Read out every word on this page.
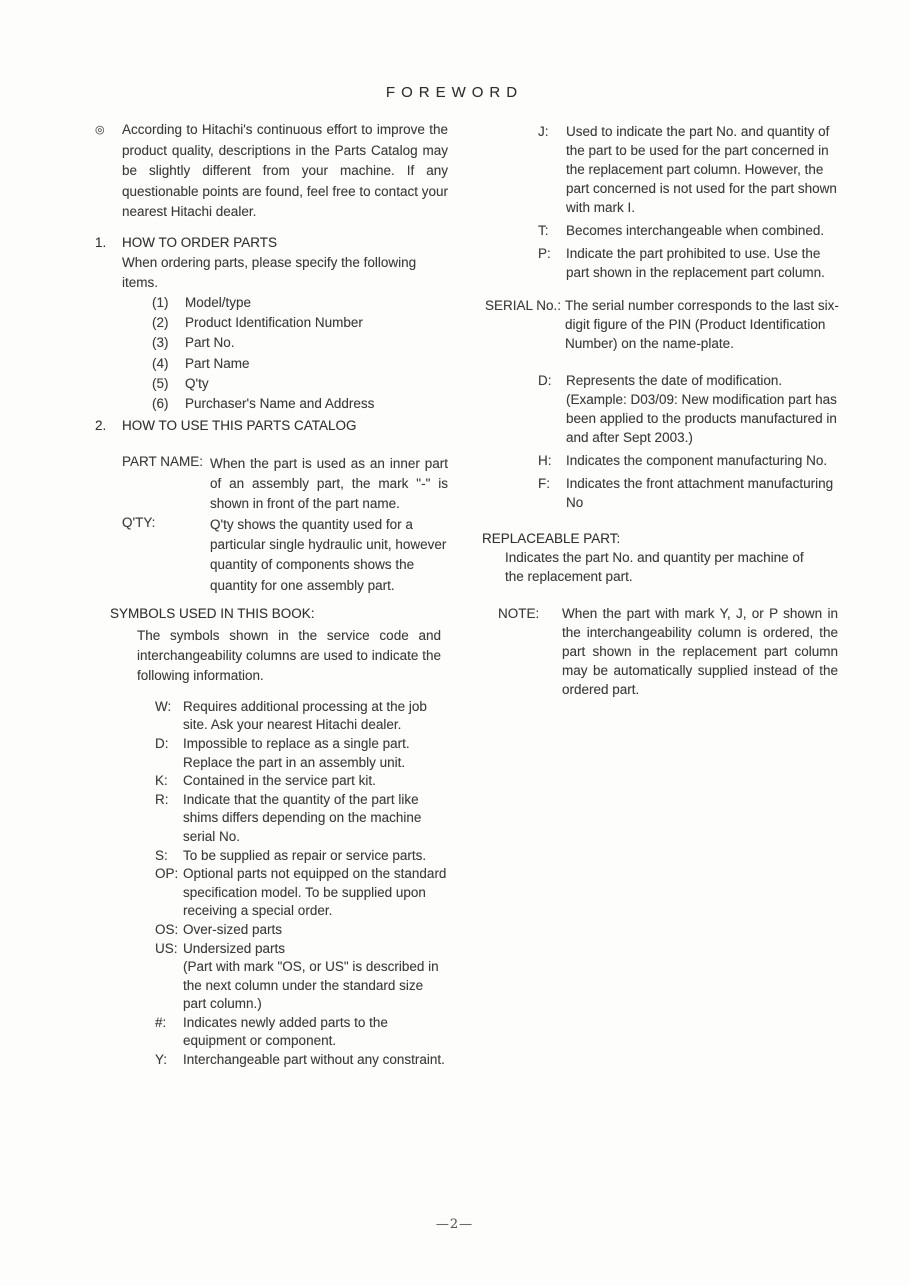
FOREWORD
◎	According to Hitachi's continuous effort to improve the product quality, descriptions in the Parts Catalog may be slightly different from your machine. If any questionable points are found, feel free to contact your nearest Hitachi dealer.

1.	HOW TO ORDER PARTS

When ordering parts, please specify the following items.

(1)	Model/type
(2)	Product Identification Number
(3)	Part No.
(4)	Part Name
(5)	Q'ty
(6)	Purchaser's Name and Address
2.	HOW TO USE THIS PARTS CATALOG
PART NAME: When the part is used as an inner part of an assembly part, the mark "-" is shown in front of the part name.

Q'TY:	Q'ty shows the quantity used for a particular single hydraulic unit, however quantity of components shows the quantity for one assembly part.

SYMBOLS USED IN THIS BOOK:

The symbols shown in the service code and interchangeability columns are used to indicate the following information.

W: Requires additional processing at the job site. Ask your nearest Hitachi dealer.

D:	Impossible to replace as a single part. Replace the part in an assembly unit.

K:	Contained in the service part kit.

R:	Indicate that the quantity of the part like shims differs depending on the machine serial No.

S:	To be supplied as repair or service parts.

OP: Optional parts not equipped on the standard specification model. To be supplied upon receiving a special order.

OS: Over-sized parts

US: Undersized parts

(Part with mark "OS, or US" is described in the next column under the standard size part column.)

#:	Indicates newly added parts to the equipment or component.

Y:	Interchangeable part without any constraint.

J:	Used to indicate the part No. and quantity of the part to be used for the part concerned in the replacement part column. However, the part concerned is not used for the part shown with mark I.

T:	Becomes interchangeable when combined.

P:	Indicate the part prohibited to use. Use the part shown in the replacement part column.

SERIAL No.: The serial number corresponds to the last six-digit figure of the PIN (Product Identification Number) on the name-plate.

D:	Represents the date of modification. (Example: D03/09: New modification part has been applied to the products manufactured in and after Sept 2003.)

H:	Indicates the component manufacturing No.

F:	Indicates the front attachment manufacturing No

REPLACEABLE PART:

Indicates the part No. and quantity per machine of the replacement part.

NOTE:	When the part with mark Y, J, or P shown in the interchangeability column is ordered, the part shown in the replacement part column may be automatically supplied instead of the ordered part.

—2—
